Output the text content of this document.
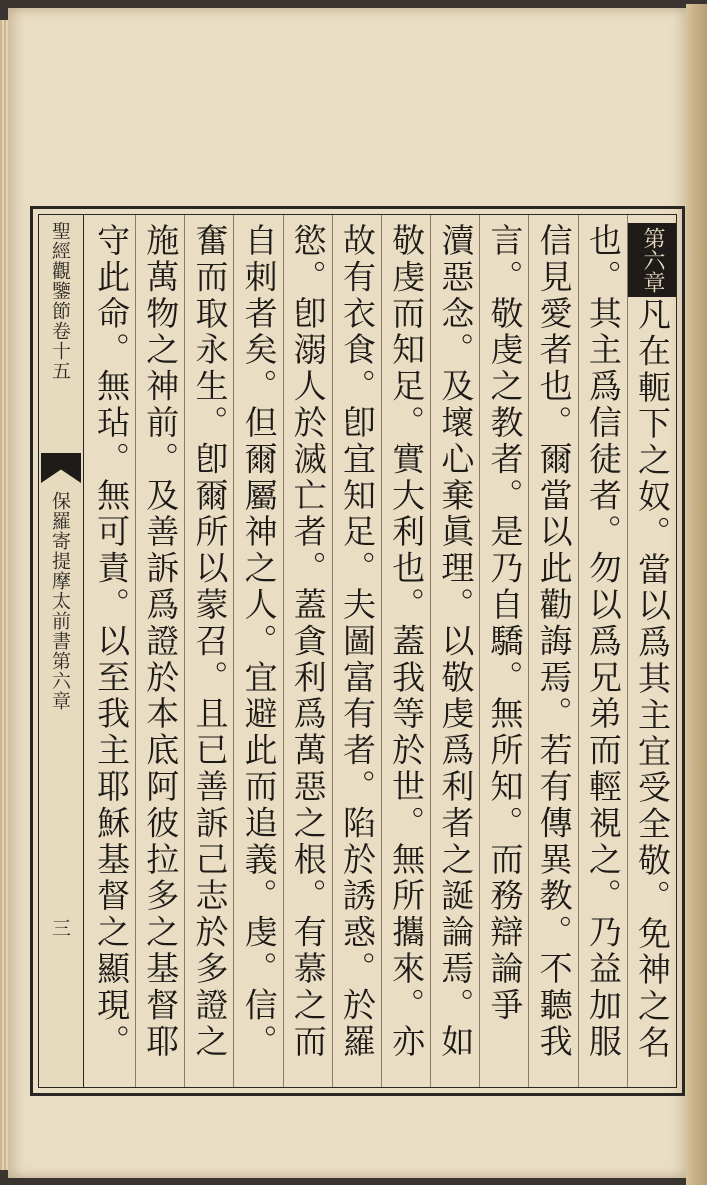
聖經觀鑒節卷十五
保羅寄提摩太前書第六章
三
第六章凡在軛下之奴。當以爲其主宜受全敬。免神之名
也。其主爲信徒者。勿以爲兄弟而輕視之。乃益加服
信見愛者也。爾當以此勸誨焉。若有傳異教。不聽我
言。敬虔之教者。是乃自驕。無所知。而務辯論爭
瀆惡念。及壞心棄眞理。以敬虔爲利者之誕論焉。如
敬虔而知足。實大利也。蓋我等於世。無所攜來。亦
故有衣食。卽宜知足。夫圖富有者。陷於誘惑。於羅
慾。卽溺人於滅亡者。蓋貪利爲萬惡之根。有慕之而
自刺者矣。但爾屬神之人。宜避此而追義。虔。信。
奮而取永生。卽爾所以蒙召。且已善訴己志於多證之
施萬物之神前。及善訴爲證於本底阿彼拉多之基督耶
守此命。無玷。無可責。以至我主耶穌基督之顯現。
